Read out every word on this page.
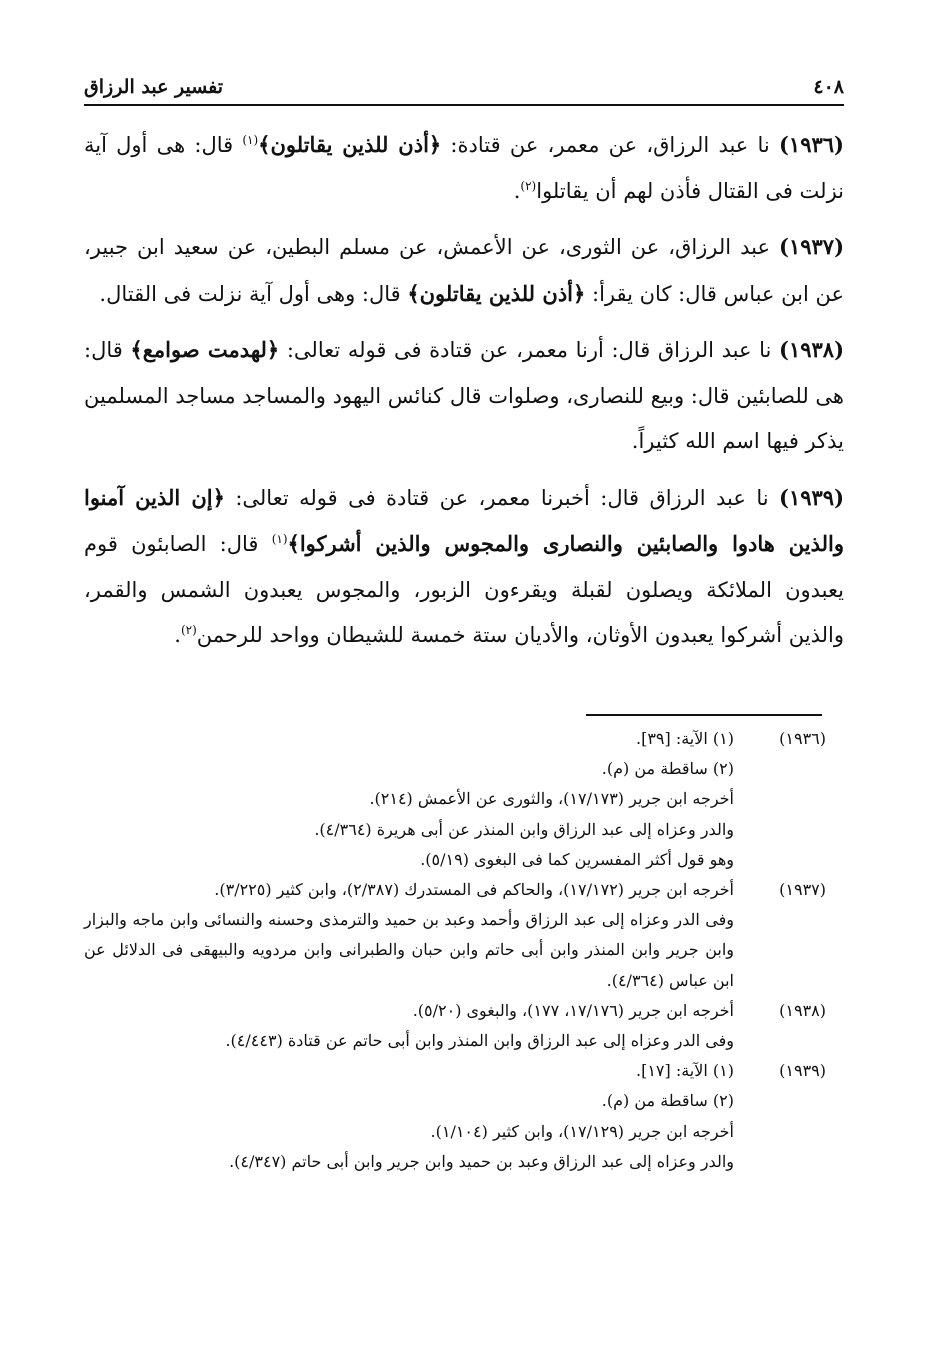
٤٠٨
تفسير عبد الرزاق

(١٩٣٦) نا عبد الرزاق، عن معمر، عن قتادة: ﴿أذن للذين يقاتلون﴾$^{(١)}$ قال: هى أول آية نزلت فى القتال فأذن لهم أن يقاتلوا$^{(٢)}$.

(١٩٣٧) عبد الرزاق، عن الثورى، عن الأعمش، عن مسلم البطين، عن سعيد ابن جبير، عن ابن عباس قال: كان يقرأ: ﴿أذن للذين يقاتلون﴾ قال: وهى أول آية نزلت فى القتال.

(١٩٣٨) نا عبد الرزاق قال: أرنا معمر، عن قتادة فى قوله تعالى: ﴿لهدمت صوامع﴾ قال: هى للصابئين قال: وبيع للنصارى، وصلوات قال كنائس اليهود والمساجد مساجد المسلمين يذكر فيها اسم الله كثيراً.

(١٩٣٩) نا عبد الرزاق قال: أخبرنا معمر، عن قتادة فى قوله تعالى: ﴿إن الذين آمنوا والذين هادوا والصابئين والنصارى والمجوس والذين أشركوا﴾$^{(١)}$ قال: الصابئون قوم يعبدون الملائكة ويصلون لقبلة ويقرءون الزبور، والمجوس يعبدون الشمس والقمر، والذين أشركوا يعبدون الأوثان، والأديان ستة خمسة للشيطان وواحد للرحمن$^{(٢)}$.

(١٩٣٦)
(١) الآية: [٣٩].
(٢) ساقطة من (م).
أخرجه ابن جرير (١٧/١٧٣)، والثورى عن الأعمش (٢١٤).
والدر وعزاه إلى عبد الرزاق وابن المنذر عن أبى هريرة (٤/٣٦٤).
وهو قول أكثر المفسرين كما فى البغوى (٥/١٩).
(١٩٣٧)
أخرجه ابن جرير (١٧/١٧٢)، والحاكم فى المستدرك (٢/٣٨٧)، وابن كثير (٣/٢٢٥).
وفى الدر وعزاه إلى عبد الرزاق وأحمد وعبد بن حميد والترمذى وحسنه والنسائى وابن ماجه والبزار وابن جرير وابن المنذر وابن أبى حاتم وابن حبان والطبرانى وابن مردويه والبيهقى فى الدلائل عن ابن عباس (٤/٣٦٤).
(١٩٣٨)
أخرجه ابن جرير (١٧/١٧٦، ١٧٧)، والبغوى (٥/٢٠).
وفى الدر وعزاه إلى عبد الرزاق وابن المنذر وابن أبى حاتم عن قتادة (٤/٤٤٣).
(١٩٣٩)
(١) الآية: [١٧].
(٢) ساقطة من (م).
أخرجه ابن جرير (١٧/١٢٩)، وابن كثير (١/١٠٤).
والدر وعزاه إلى عبد الرزاق وعبد بن حميد وابن جرير وابن أبى حاتم (٤/٣٤٧).
